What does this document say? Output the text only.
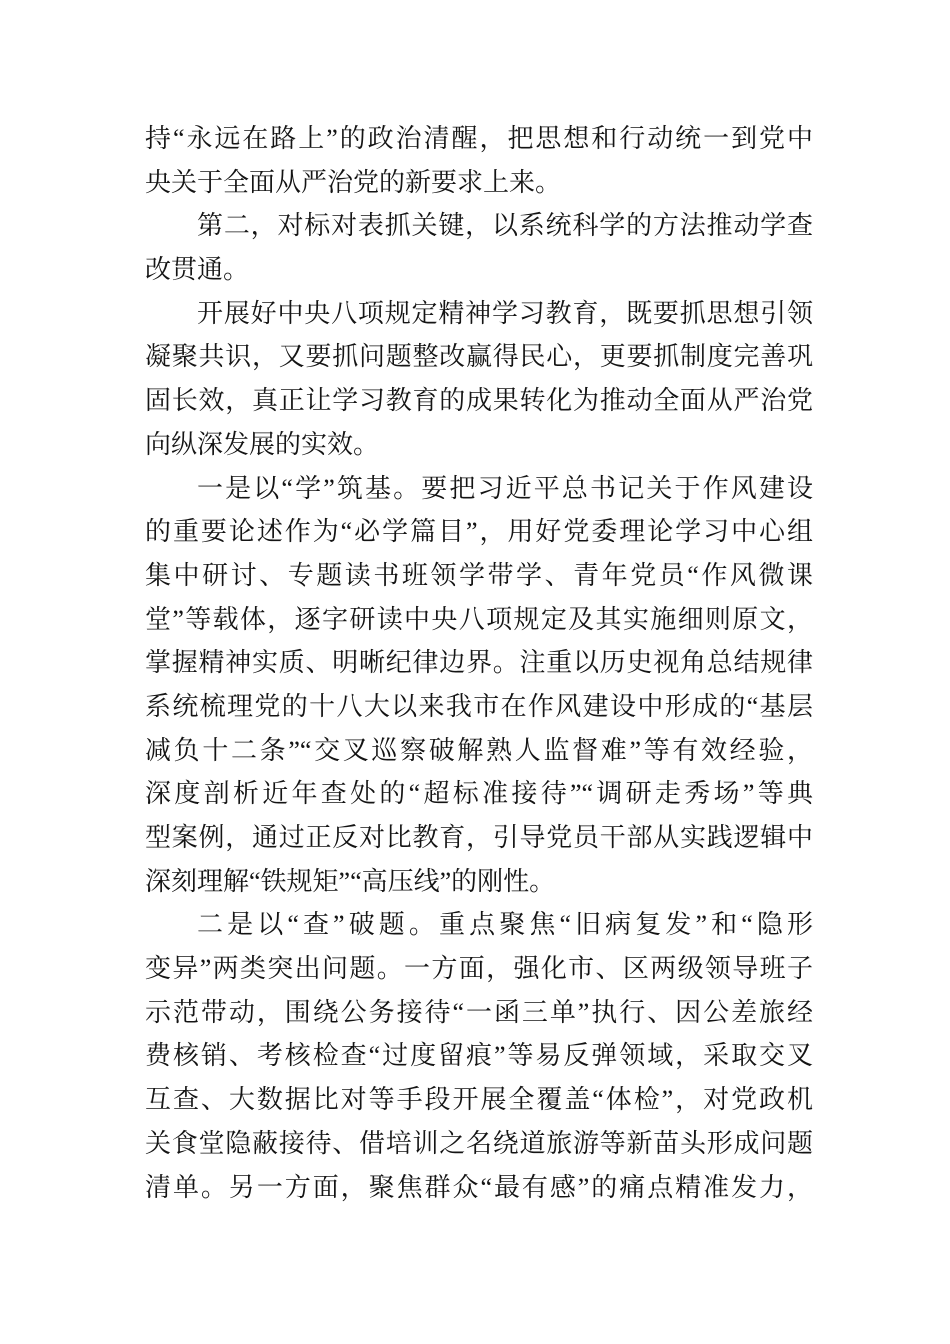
持“永远在路上”的政治清醒，把思想和行动统一到党中
央关于全面从严治党的新要求上来。
第二，对标对表抓关键，以系统科学的方法推动学查
改贯通。
开展好中央八项规定精神学习教育，既要抓思想引领
凝聚共识，又要抓问题整改赢得民心，更要抓制度完善巩
固长效，真正让学习教育的成果转化为推动全面从严治党
向纵深发展的实效。
一是以“学”筑基。要把习近平总书记关于作风建设
的重要论述作为“必学篇目”，用好党委理论学习中心组
集中研讨、专题读书班领学带学、青年党员“作风微课
堂”等载体，逐字研读中央八项规定及其实施细则原文，
掌握精神实质、明晰纪律边界。注重以历史视角总结规律
系统梳理党的十八大以来我市在作风建设中形成的“基层
减负十二条”“交叉巡察破解熟人监督难”等有效经验，
深度剖析近年查处的“超标准接待”“调研走秀场”等典
型案例，通过正反对比教育，引导党员干部从实践逻辑中
深刻理解“铁规矩”“高压线”的刚性。
二是以“查”破题。重点聚焦“旧病复发”和“隐形
变异”两类突出问题。一方面，强化市、区两级领导班子
示范带动，围绕公务接待“一函三单”执行、因公差旅经
费核销、考核检查“过度留痕”等易反弹领域，采取交叉
互查、大数据比对等手段开展全覆盖“体检”，对党政机
关食堂隐蔽接待、借培训之名绕道旅游等新苗头形成问题
清单。另一方面，聚焦群众“最有感”的痛点精准发力，
